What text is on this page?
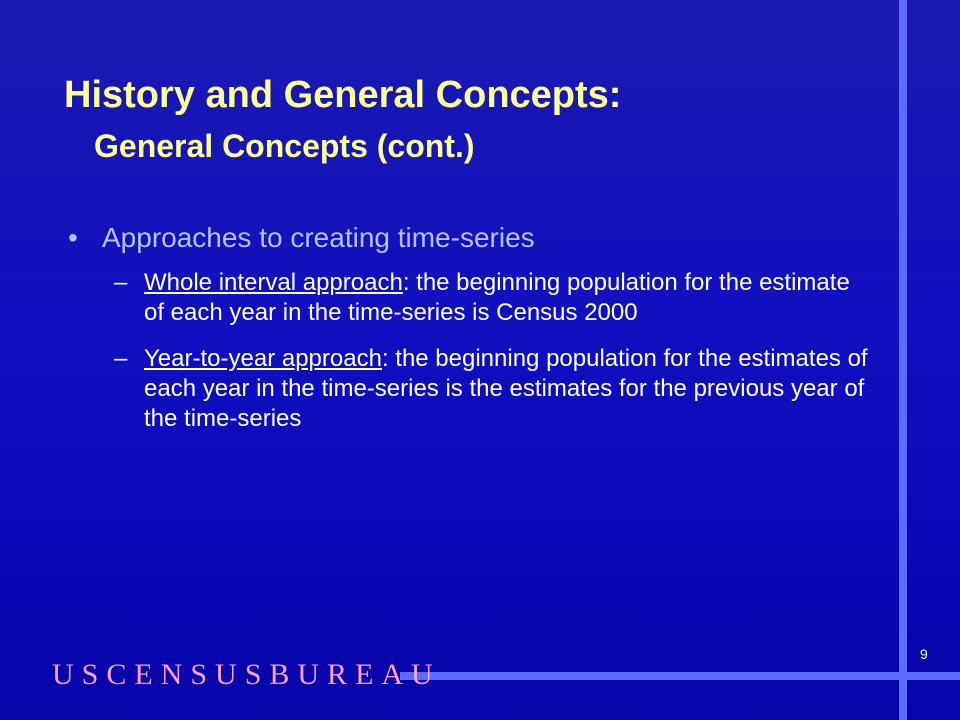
History and General Concepts:
General Concepts (cont.)
• Approaches to creating time-series
– Whole interval approach: the beginning population for the estimate of each year in the time-series is Census 2000
– Year-to-year approach: the beginning population for the estimates of each year in the time-series is the estimates for the previous year of the time-series
USCENSUSBUREAU
9
